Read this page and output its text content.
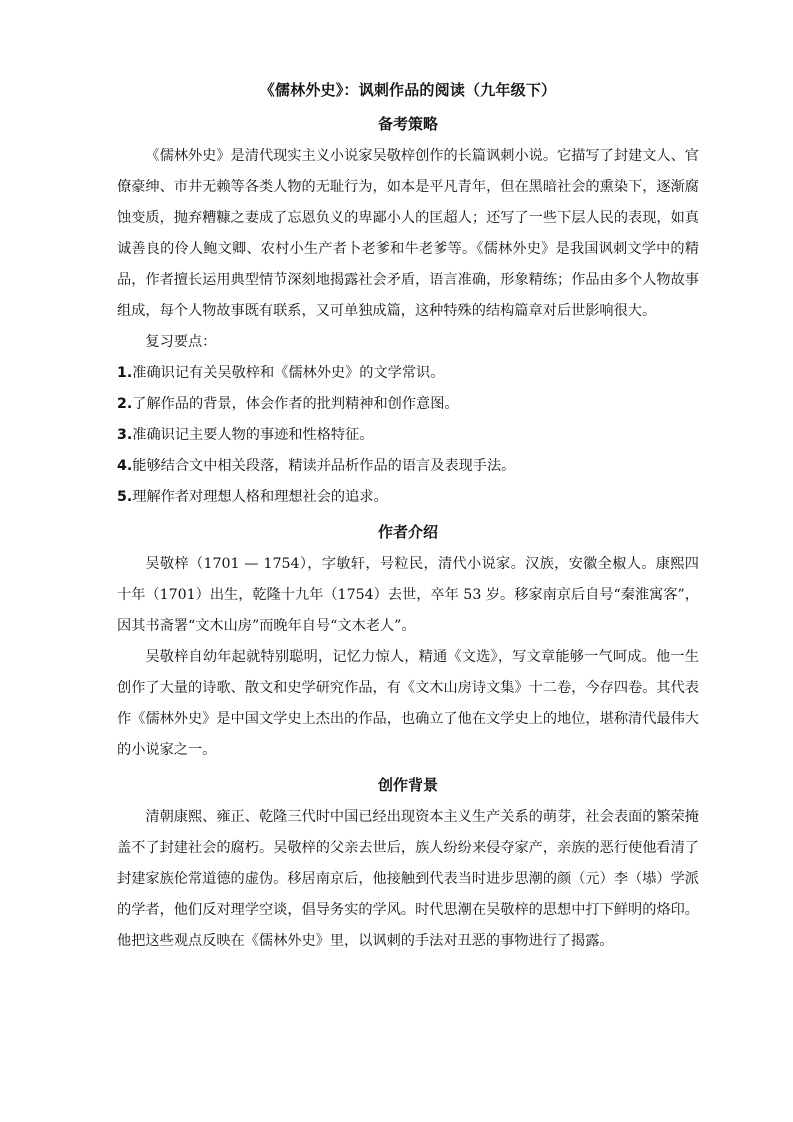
《儒林外史》：讽刺作品的阅读（九年级下）
备考策略

《儒林外史》是清代现实主义小说家吴敬梓创作的长篇讽刺小说。它描写了封建文人、官僚豪绅、市井无赖等各类人物的无耻行为，如本是平凡青年，但在黑暗社会的熏染下，逐渐腐蚀变质，抛弃糟糠之妻成了忘恩负义的卑鄙小人的匡超人；还写了一些下层人民的表现，如真诚善良的伶人鲍文卿、农村小生产者卜老爹和牛老爹等。《儒林外史》是我国讽刺文学中的精品，作者擅长运用典型情节深刻地揭露社会矛盾，语言准确，形象精练；作品由多个人物故事组成，每个人物故事既有联系，又可单独成篇，这种特殊的结构篇章对后世影响很大。

复习要点：

1.准确识记有关吴敬梓和《儒林外史》的文学常识。
2.了解作品的背景，体会作者的批判精神和创作意图。
3.准确识记主要人物的事迹和性格特征。
4.能够结合文中相关段落，精读并品析作品的语言及表现手法。
5.理解作者对理想人格和理想社会的追求。
作者介绍

吴敬梓（1701 — 1754），字敏轩，号粒民，清代小说家。汉族，安徽全椒人。康熙四十年（1701）出生，乾隆十九年（1754）去世，卒年 53 岁。移家南京后自号“秦淮寓客”，因其书斋署“文木山房”而晚年自号“文木老人”。

吴敬梓自幼年起就特别聪明，记忆力惊人，精通《文选》，写文章能够一气呵成。他一生创作了大量的诗歌、散文和史学研究作品，有《文木山房诗文集》十二卷，今存四卷。其代表作《儒林外史》是中国文学史上杰出的作品，也确立了他在文学史上的地位，堪称清代最伟大的小说家之一。

创作背景

清朝康熙、雍正、乾隆三代时中国已经出现资本主义生产关系的萌芽，社会表面的繁荣掩盖不了封建社会的腐朽。吴敬梓的父亲去世后，族人纷纷来侵夺家产，亲族的恶行使他看清了封建家族伦常道德的虚伪。移居南京后，他接触到代表当时进步思潮的颜（元）李（塨）学派的学者，他们反对理学空谈，倡导务实的学风。时代思潮在吴敬梓的思想中打下鲜明的烙印。他把这些观点反映在《儒林外史》里，以讽刺的手法对丑恶的事物进行了揭露。
